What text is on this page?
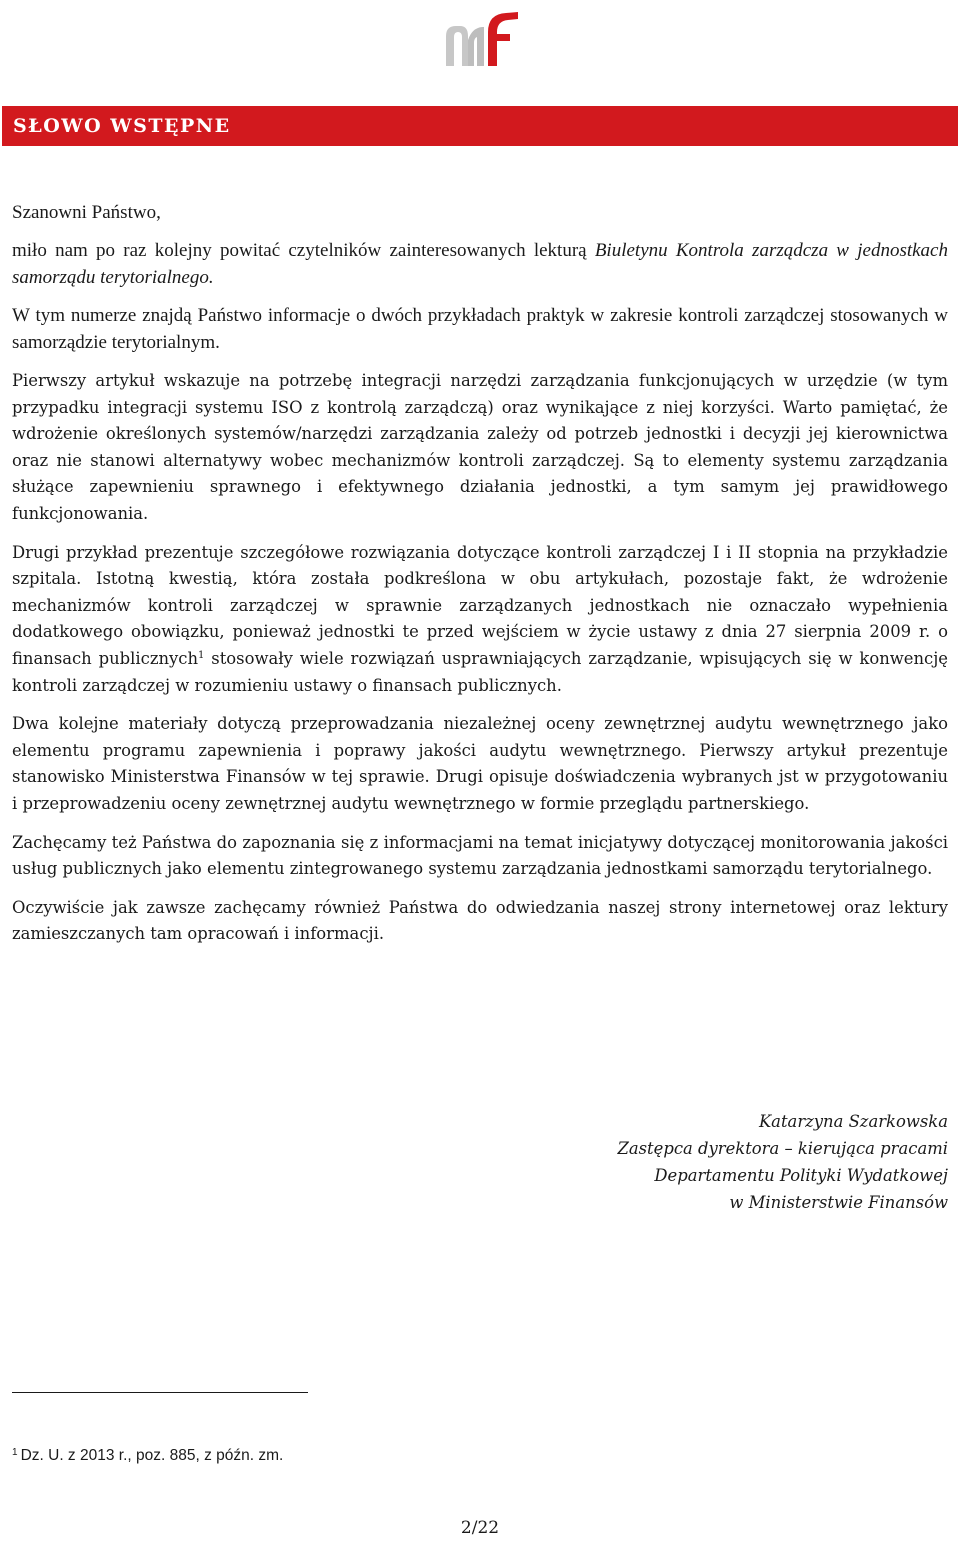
SŁOWO WSTĘPNE

Szanowni Państwo,

miło nam po raz kolejny powitać czytelników zainteresowanych lekturą Biuletynu Kontrola zarządcza w jednostkach samorządu terytorialnego.

W tym numerze znajdą Państwo informacje o dwóch przykładach praktyk w zakresie kontroli zarządczej stosowanych w samorządzie terytorialnym.

Pierwszy artykuł wskazuje na potrzebę integracji narzędzi zarządzania funkcjonujących w urzędzie (w tym przypadku integracji systemu ISO z kontrolą zarządczą) oraz wynikające z niej korzyści. Warto pamiętać, że wdrożenie określonych systemów/narzędzi zarządzania zależy od potrzeb jednostki i decyzji jej kierownictwa oraz nie stanowi alternatywy wobec mechanizmów kontroli zarządczej. Są to elementy systemu zarządzania służące zapewnieniu sprawnego i efektywnego działania jednostki, a tym samym jej prawidłowego funkcjonowania.

Drugi przykład prezentuje szczegółowe rozwiązania dotyczące kontroli zarządczej I i II stopnia na przykładzie szpitala. Istotną kwestią, która została podkreślona w obu artykułach, pozostaje fakt, że wdrożenie mechanizmów kontroli zarządczej w sprawnie zarządzanych jednostkach nie oznaczało wypełnienia dodatkowego obowiązku, ponieważ jednostki te przed wejściem w życie ustawy z dnia 27 sierpnia 2009 r. o finansach publicznych$^1$ stosowały wiele rozwiązań usprawniających zarządzanie, wpisujących się w konwencję kontroli zarządczej w rozumieniu ustawy o finansach publicznych.

Dwa kolejne materiały dotyczą przeprowadzania niezależnej oceny zewnętrznej audytu wewnętrznego jako elementu programu zapewnienia i poprawy jakości audytu wewnętrznego. Pierwszy artykuł prezentuje stanowisko Ministerstwa Finansów w tej sprawie. Drugi opisuje doświadczenia wybranych jst w przygotowaniu i przeprowadzeniu oceny zewnętrznej audytu wewnętrznego w formie przeglądu partnerskiego.

Zachęcamy też Państwa do zapoznania się z informacjami na temat inicjatywy dotyczącej monitorowania jakości usług publicznych jako elementu zintegrowanego systemu zarządzania jednostkami samorządu terytorialnego.

Oczywiście jak zawsze zachęcamy również Państwa do odwiedzania naszej strony internetowej oraz lektury zamieszczanych tam opracowań i informacji.

Katarzyna Szarkowska
Zastępca dyrektora – kierująca pracami
Departamentu Polityki Wydatkowej
w Ministerstwie Finansów
$^1$ Dz. U. z 2013 r., poz. 885, z późn. zm.
2/22
